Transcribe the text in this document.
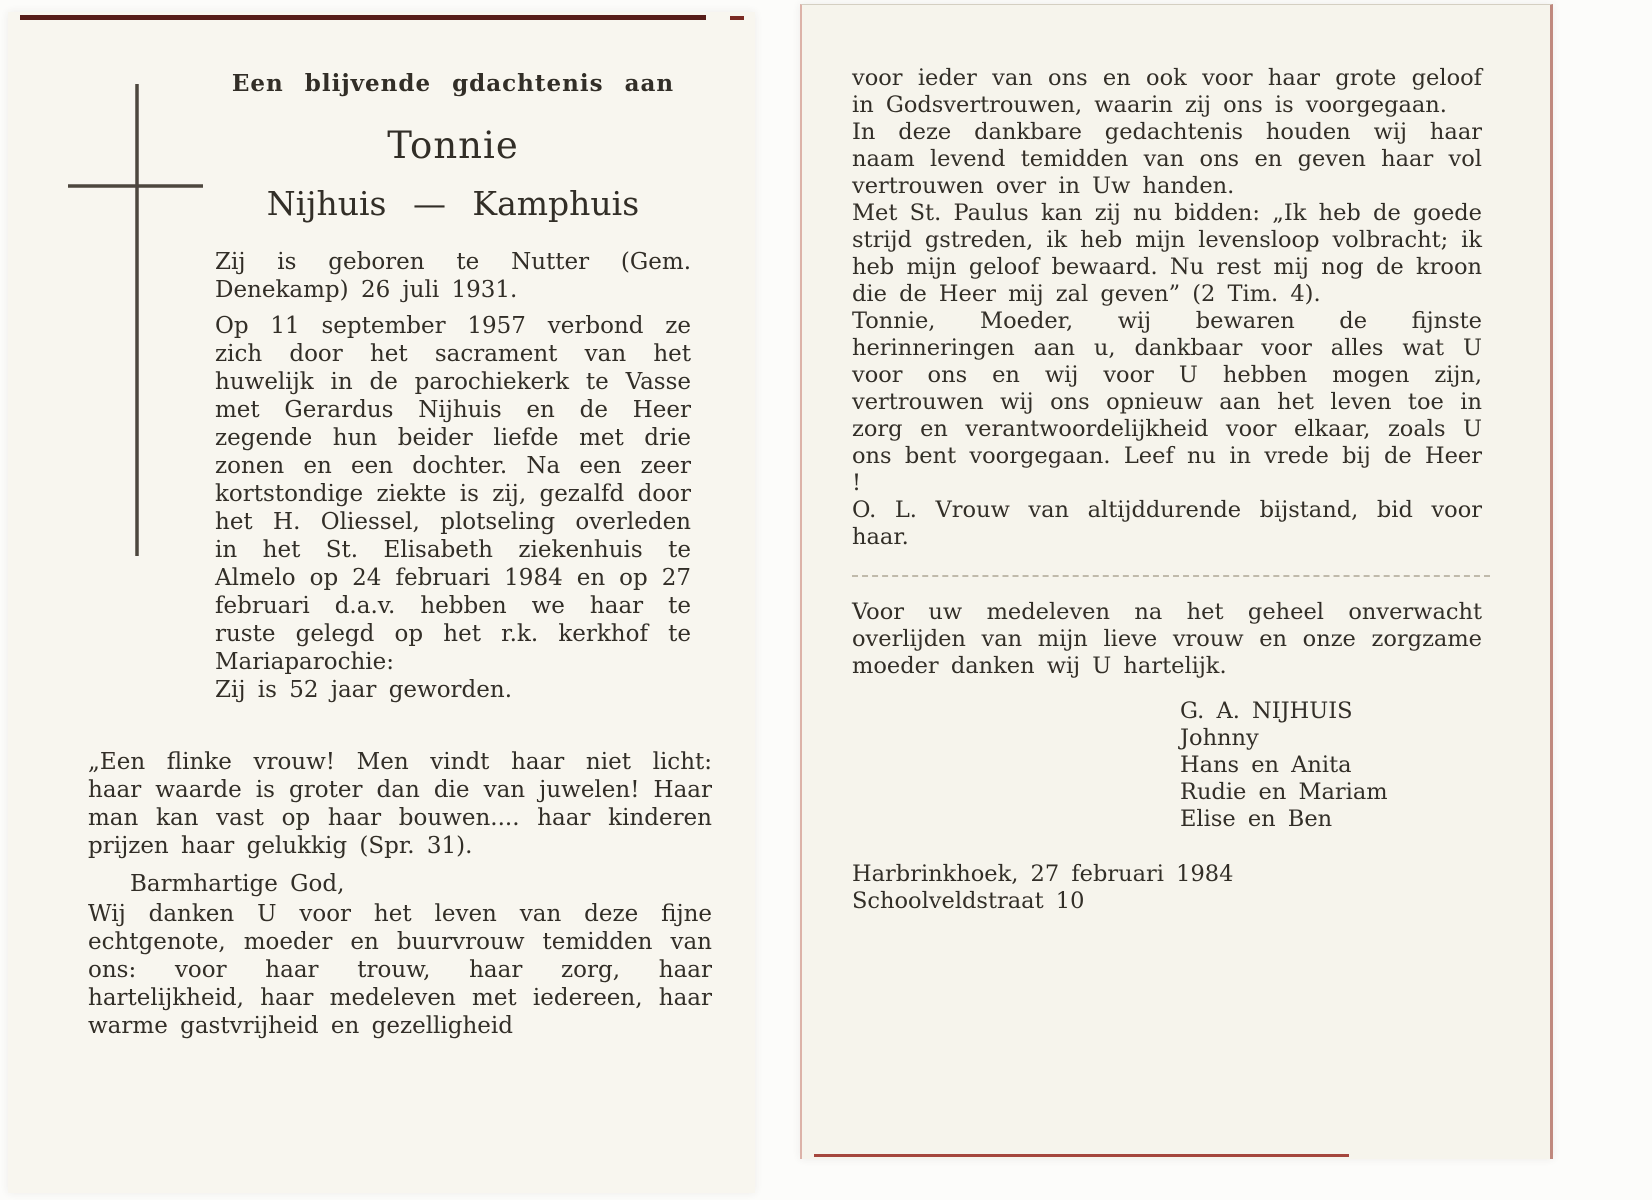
Een blijvende gdachtenis aan

Tonnie

Nijhuis — Kamphuis

Zij is geboren te Nutter (Gem. Denekamp) 26 juli 1931.

Op 11 september 1957 verbond ze zich door het sacrament van het huwelijk in de parochiekerk te Vasse met Gerardus Nijhuis en de Heer zegende hun beider liefde met drie zonen en een dochter. Na een zeer kortstondige ziekte is zij, gezalfd door het H. Oliessel, plotseling overleden in het St. Elisabeth ziekenhuis te Almelo op 24 februari 1984 en op 27 februari d.a.v. hebben we haar te ruste gelegd op het r.k. kerkhof te Mariaparochie:

Zij is 52 jaar geworden.

„Een flinke vrouw! Men vindt haar niet licht: haar waarde is groter dan die van juwelen! Haar man kan vast op haar bouwen.... haar kinderen prijzen haar gelukkig (Spr. 31).

Barmhartige God,

Wij danken U voor het leven van deze fijne echtgenote, moeder en buurvrouw temidden van ons: voor haar trouw, haar zorg, haar hartelijkheid, haar medeleven met iedereen, haar warme gastvrijheid en gezelligheid

voor ieder van ons en ook voor haar grote geloof in Godsvertrouwen, waarin zij ons is voorgegaan.

In deze dankbare gedachtenis houden wij haar naam levend temidden van ons en geven haar vol vertrouwen over in Uw handen.

Met St. Paulus kan zij nu bidden: „Ik heb de goede strijd gstreden, ik heb mijn levensloop volbracht; ik heb mijn geloof bewaard. Nu rest mij nog de kroon die de Heer mij zal geven” (2 Tim. 4).

Tonnie, Moeder, wij bewaren de fijnste herinneringen aan u, dankbaar voor alles wat U voor ons en wij voor U hebben mogen zijn, vertrouwen wij ons opnieuw aan het leven toe in zorg en verantwoordelijkheid voor elkaar, zoals U ons bent voorgegaan. Leef nu in vrede bij de Heer !

O. L. Vrouw van altijddurende bijstand, bid voor haar.

Voor uw medeleven na het geheel onverwacht overlijden van mijn lieve vrouw en onze zorgzame moeder danken wij U hartelijk.

G. A. NIJHUIS

Johnny

Hans en Anita

Rudie en Mariam

Elise en Ben

Harbrinkhoek, 27 februari 1984

Schoolveldstraat 10
